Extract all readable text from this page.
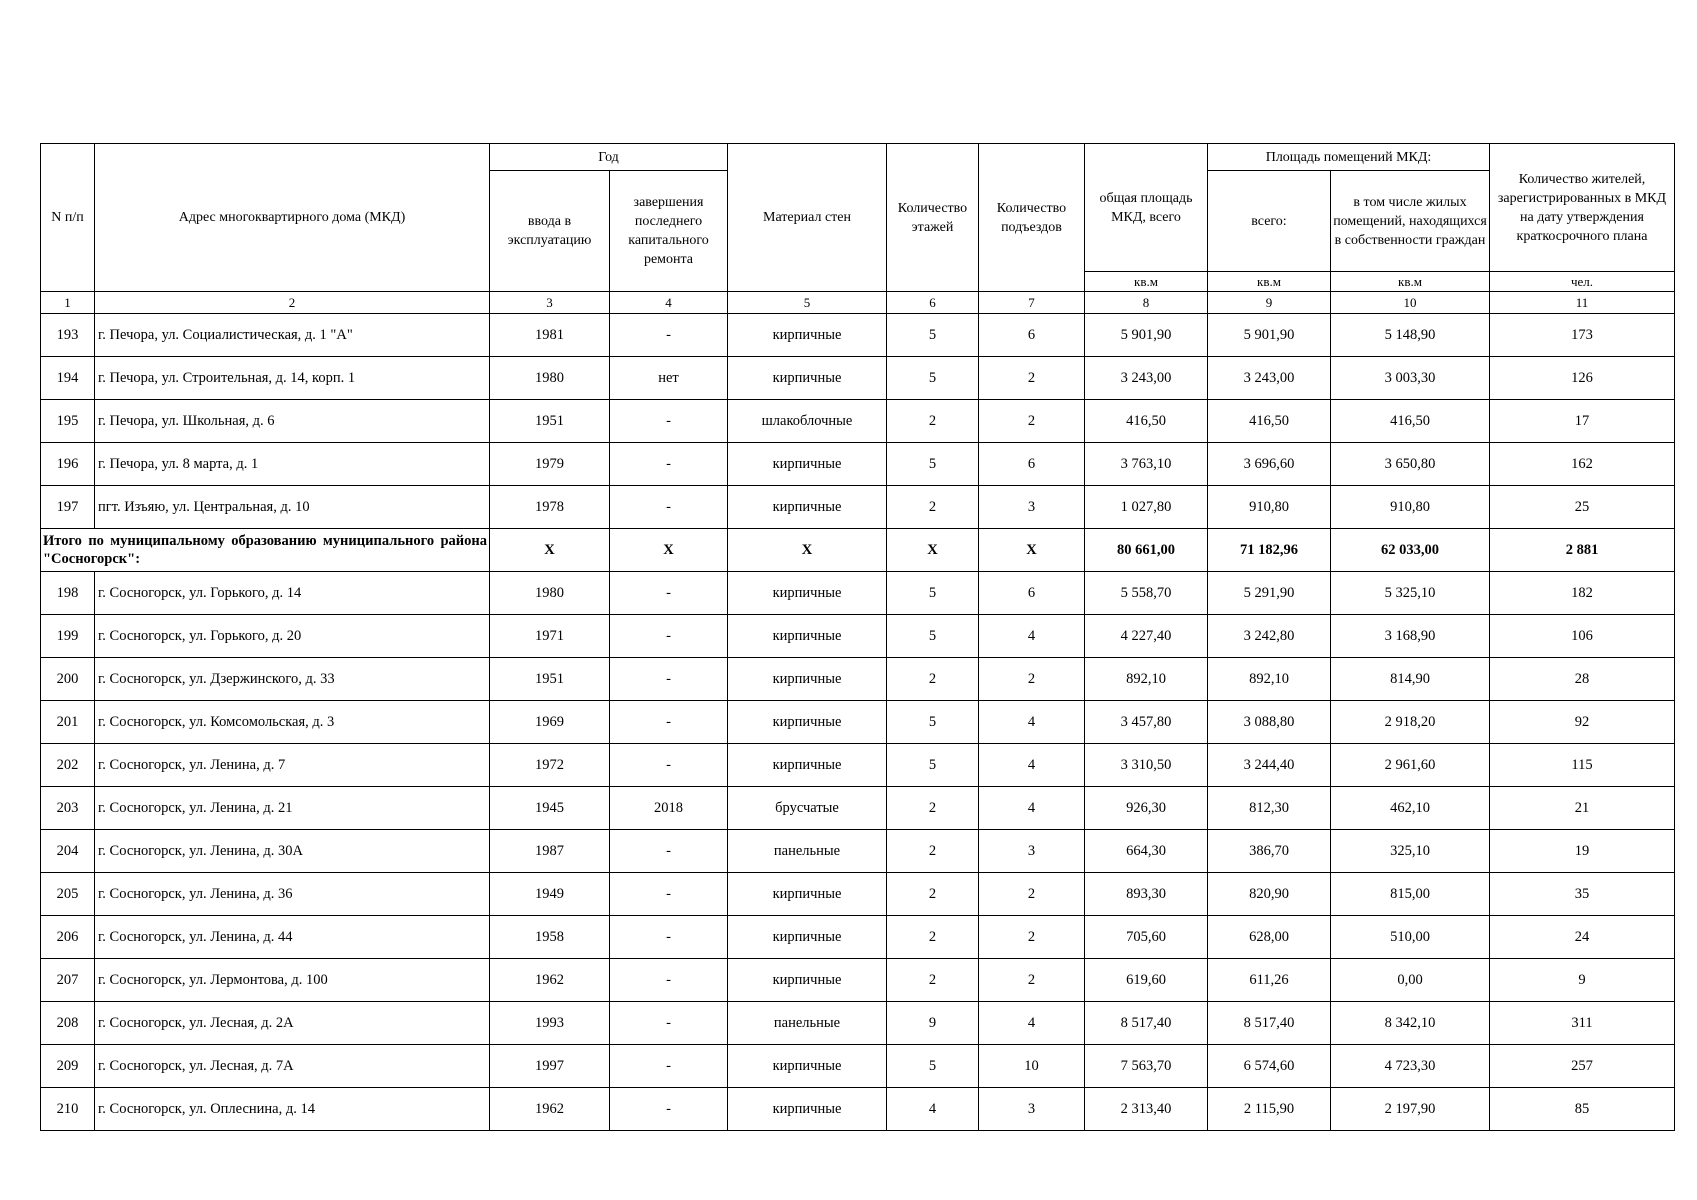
N п/п	Адрес многоквартирного дома (МКД)	Год		Материал стен	Количество этажей	Количество подъездов	общая площадь МКД, всего	Площадь помещений МКД:		Количество жителей, зарегистрированных в МКД на дату утверждения краткосрочного плана
		ввода в эксплуатацию	завершения последнего капитального ремонта					всего:	в том числе жилых помещений, находящихся в собственности граждан	
							кв.м	кв.м	кв.м	чел.
1	2	3	4	5	6	7	8	9	10	11
193	г. Печора, ул. Социалистическая, д. 1 "А"	1981	-	кирпичные	5	6	5 901,90	5 901,90	5 148,90	173
194	г. Печора, ул. Строительная, д. 14, корп. 1	1980	нет	кирпичные	5	2	3 243,00	3 243,00	3 003,30	126
195	г. Печора, ул. Школьная, д. 6	1951	-	шлакоблочные	2	2	416,50	416,50	416,50	17
196	г. Печора, ул. 8 марта, д. 1	1979	-	кирпичные	5	6	3 763,10	3 696,60	3 650,80	162
197	пгт. Изъяю, ул. Центральная, д. 10	1978	-	кирпичные	2	3	1 027,80	910,80	910,80	25
Итого по муниципальному образованию муниципального района "Сосногорск":		X	X	X	X	X	80 661,00	71 182,96	62 033,00	2 881
198	г. Сосногорск, ул. Горького, д. 14	1980	-	кирпичные	5	6	5 558,70	5 291,90	5 325,10	182
199	г. Сосногорск, ул. Горького, д. 20	1971	-	кирпичные	5	4	4 227,40	3 242,80	3 168,90	106
200	г. Сосногорск, ул. Дзержинского, д. 33	1951	-	кирпичные	2	2	892,10	892,10	814,90	28
201	г. Сосногорск, ул. Комсомольская, д. 3	1969	-	кирпичные	5	4	3 457,80	3 088,80	2 918,20	92
202	г. Сосногорск, ул. Ленина, д. 7	1972	-	кирпичные	5	4	3 310,50	3 244,40	2 961,60	115
203	г. Сосногорск, ул. Ленина, д. 21	1945	2018	брусчатые	2	4	926,30	812,30	462,10	21
204	г. Сосногорск, ул. Ленина, д. 30А	1987	-	панельные	2	3	664,30	386,70	325,10	19
205	г. Сосногорск, ул. Ленина, д. 36	1949	-	кирпичные	2	2	893,30	820,90	815,00	35
206	г. Сосногорск, ул. Ленина, д. 44	1958	-	кирпичные	2	2	705,60	628,00	510,00	24
207	г. Сосногорск, ул. Лермонтова, д. 100	1962	-	кирпичные	2	2	619,60	611,26	0,00	9
208	г. Сосногорск, ул. Лесная, д. 2А	1993	-	панельные	9	4	8 517,40	8 517,40	8 342,10	311
209	г. Сосногорск, ул. Лесная, д. 7А	1997	-	кирпичные	5	10	7 563,70	6 574,60	4 723,30	257
210	г. Сосногорск, ул. Оплеснина, д. 14	1962	-	кирпичные	4	3	2 313,40	2 115,90	2 197,90	85
